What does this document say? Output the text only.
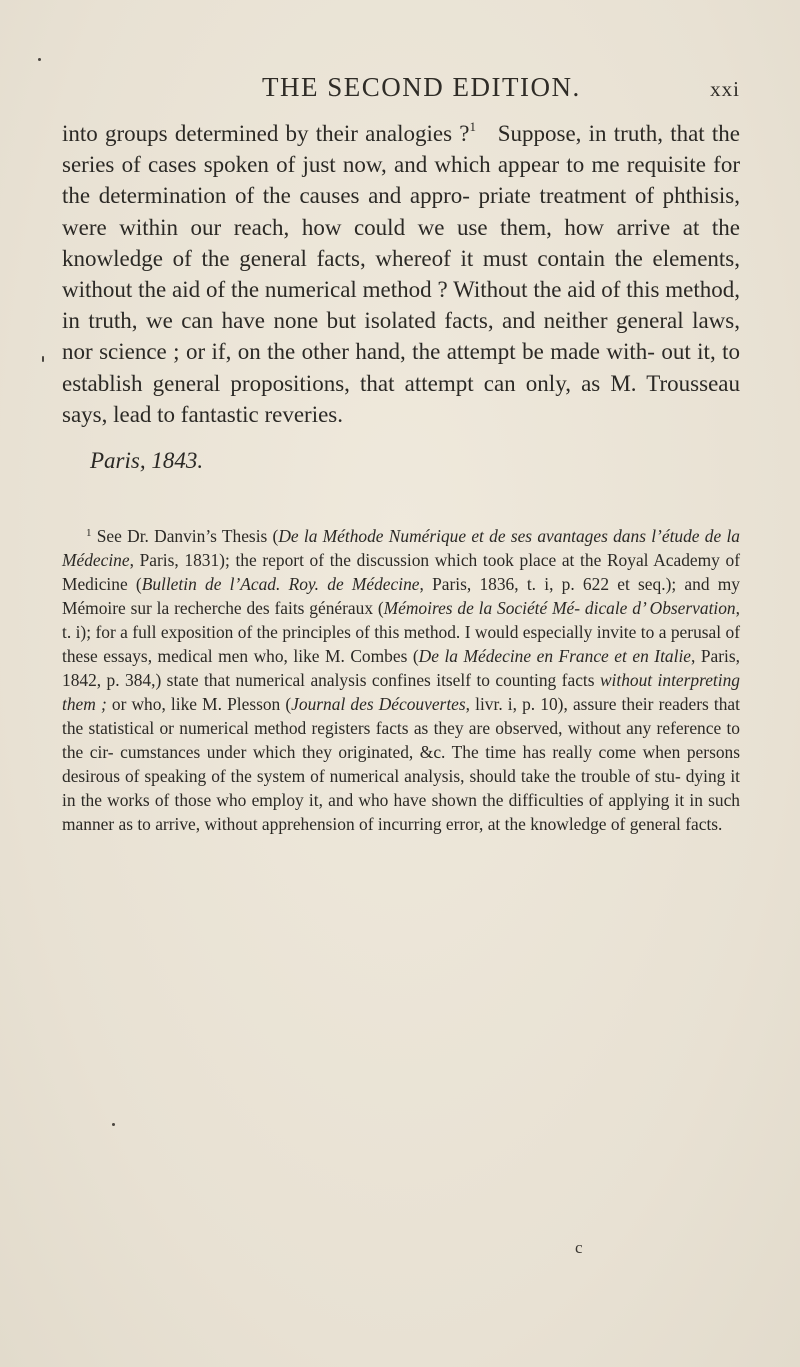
THE SECOND EDITION.	xxi

into groups determined by their analogies ?$^1$ Suppose, in truth, that the series of cases spoken of just now, and which appear to me requisite for the determination of the causes and appro- priate treatment of phthisis, were within our reach, how could we use them, how arrive at the knowledge of the general facts, whereof it must contain the elements, without the aid of the numerical method ? Without the aid of this method, in truth, we can have none but isolated facts, and neither general laws, nor science ; or if, on the other hand, the attempt be made with- out it, to establish general propositions, that attempt can only, as M. Trousseau says, lead to fantastic reveries.

Paris, 1843.

$^1$ See Dr. Danvin’s Thesis (De la Méthode Numérique et de ses avantages dans l’étude de la Médecine, Paris, 1831); the report of the discussion which took place at the Royal Academy of Medicine (Bulletin de l’Acad. Roy. de Médecine, Paris, 1836, t. i, p. 622 et seq.); and my Mémoire sur la recherche des faits généraux (Mémoires de la Société Mé- dicale d’ Observation, t. i); for a full exposition of the principles of this method. I would especially invite to a perusal of these essays, medical men who, like M. Combes (De la Médecine en France et en Italie, Paris, 1842, p. 384,) state that numerical analysis confines itself to counting facts without interpreting them ; or who, like M. Plesson (Journal des Découvertes, livr. i, p. 10), assure their readers that the statistical or numerical method registers facts as they are observed, without any reference to the cir- cumstances under which they originated, &c. The time has really come when persons desirous of speaking of the system of numerical analysis, should take the trouble of stu- dying it in the works of those who employ it, and who have shown the difficulties of applying it in such manner as to arrive, without apprehension of incurring error, at the knowledge of general facts.

c
